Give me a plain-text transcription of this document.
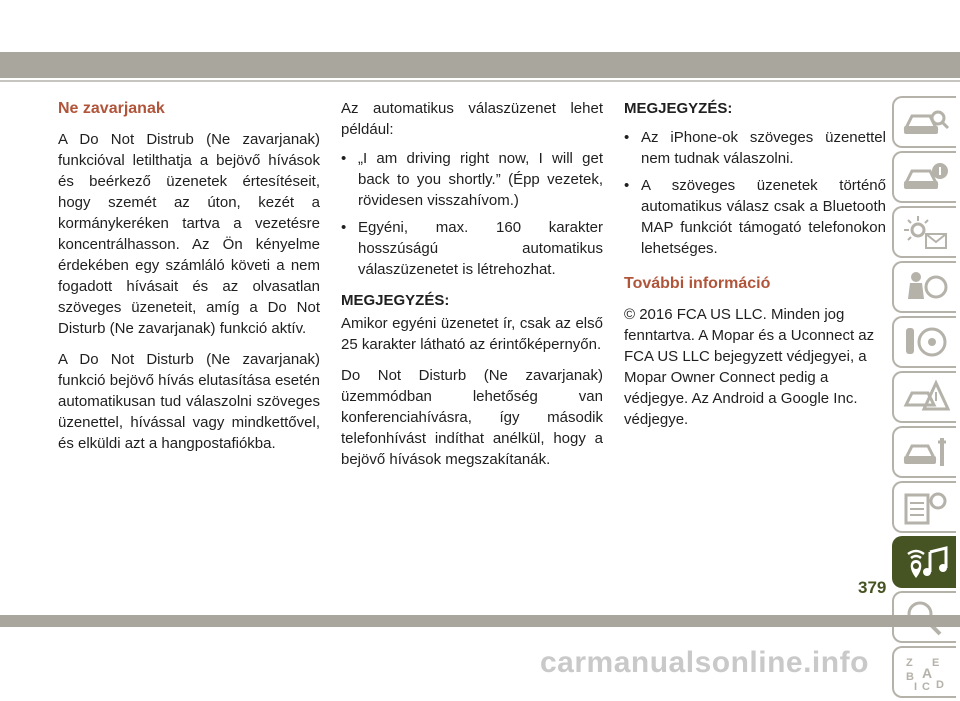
Ne zavarjanak

A Do Not Distrub (Ne zavarjanak) funkcióval letilthatja a bejövő hívások és beérkező üzenetek értesítéseit, hogy szemét az úton, kezét a kormánykeréken tartva a vezetésre koncentrálhasson. Az Ön kényelme érdekében egy számláló követi a nem fogadott hívásait és az olvasatlan szöveges üzeneteit, amíg a Do Not Disturb (Ne zavarjanak) funkció aktív.

A Do Not Disturb (Ne zavarjanak) funkció bejövő hívás elutasítása esetén automatikusan tud válaszolni szöveges üzenettel, hívással vagy mindkettővel, és elküldi azt a hangpostafiókba.

Az automatikus válaszüzenet lehet például:

• „I am driving right now, I will get back to you shortly.” (Épp vezetek, rövidesen visszahívom.)
• Egyéni, max. 160 karakter hosszúságú automatikus válaszüzenetet is létrehozhat.
MEGJEGYZÉS:

Amikor egyéni üzenetet ír, csak az első 25 karakter látható az érintőképernyőn.

Do Not Disturb (Ne zavarjanak) üzemmódban lehetőség van konferenciahívásra, így második telefonhívást indíthat anélkül, hogy a bejövő hívások megszakítanák.

MEGJEGYZÉS:
• Az iPhone-ok szöveges üzenettel nem tudnak válaszolni.
• A szöveges üzenetek történő automatikus válasz csak a Bluetooth MAP funkciót támogató telefonokon lehetséges.
További információ

© 2016 FCA US LLC. Minden jog fenntartva. A Mopar és a Uconnect az FCA US LLC bejegyzett védjegyei, a Mopar Owner Connect pedig a védjegye. Az Android a Google Inc. védjegye.

Z E
B A
I C D
379
carmanualsonline.info
